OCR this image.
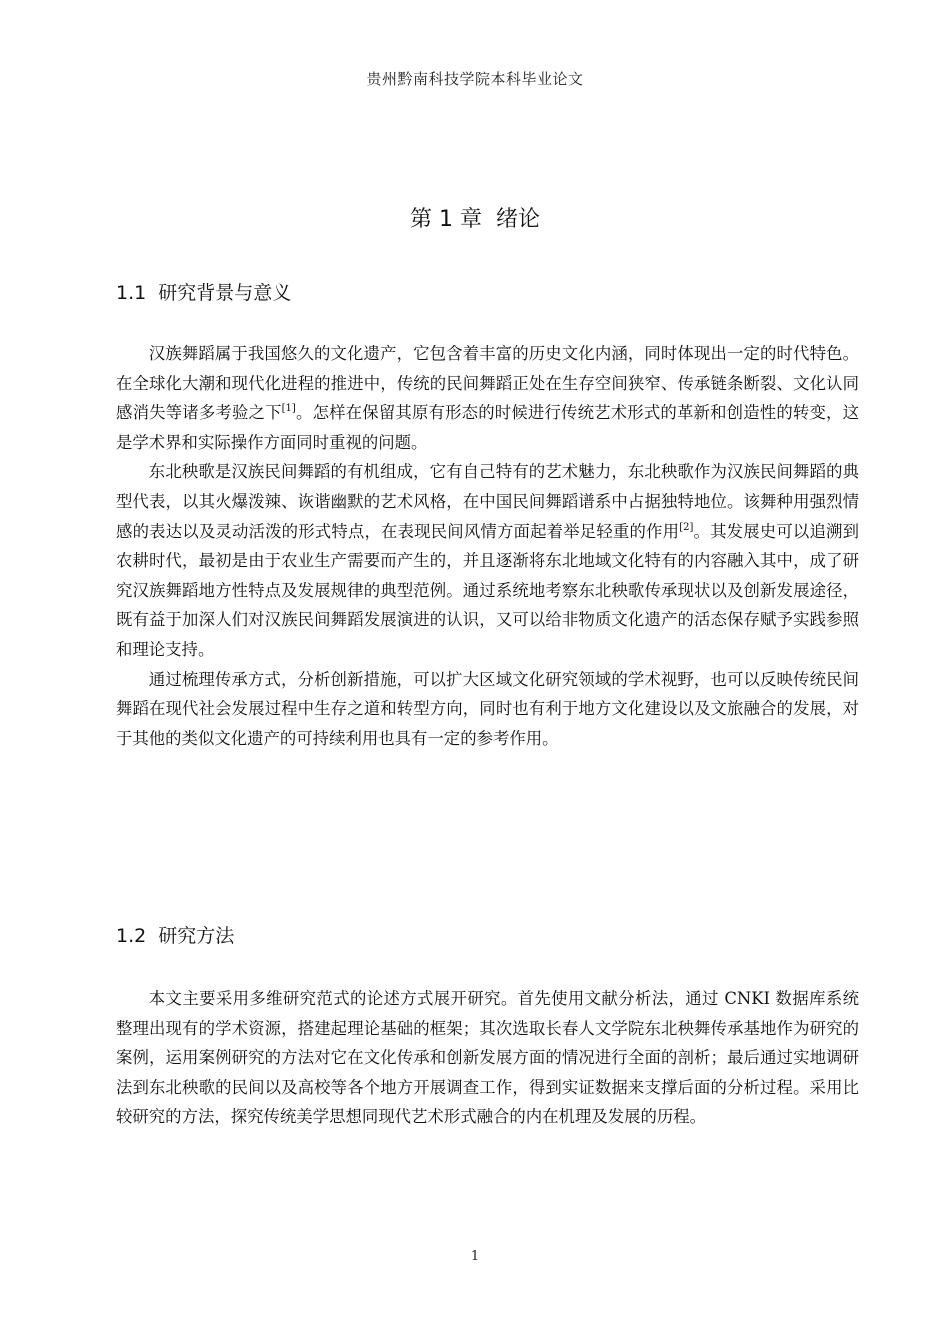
贵州黔南科技学院本科毕业论文
第 1 章  绪论
1.1  研究背景与意义

汉族舞蹈属于我国悠久的文化遗产，它包含着丰富的历史文化内涵，同时体现出一定的时代特色。在全球化大潮和现代化进程的推进中，传统的民间舞蹈正处在生存空间狭窄、传承链条断裂、文化认同感消失等诸多考验之下[1]。怎样在保留其原有形态的时候进行传统艺术形式的革新和创造性的转变，这是学术界和实际操作方面同时重视的问题。

东北秧歌是汉族民间舞蹈的有机组成，它有自己特有的艺术魅力，东北秧歌作为汉族民间舞蹈的典型代表，以其火爆泼辣、诙谐幽默的艺术风格，在中国民间舞蹈谱系中占据独特地位。该舞种用强烈情感的表达以及灵动活泼的形式特点，在表现民间风情方面起着举足轻重的作用[2]。其发展史可以追溯到农耕时代，最初是由于农业生产需要而产生的，并且逐渐将东北地域文化特有的内容融入其中，成了研究汉族舞蹈地方性特点及发展规律的典型范例。通过系统地考察东北秧歌传承现状以及创新发展途径，既有益于加深人们对汉族民间舞蹈发展演进的认识，又可以给非物质文化遗产的活态保存赋予实践参照和理论支持。

通过梳理传承方式，分析创新措施，可以扩大区域文化研究领域的学术视野，也可以反映传统民间舞蹈在现代社会发展过程中生存之道和转型方向，同时也有利于地方文化建设以及文旅融合的发展，对于其他的类似文化遗产的可持续利用也具有一定的参考作用。

1.2  研究方法

本文主要采用多维研究范式的论述方式展开研究。首先使用文献分析法，通过 CNKI 数据库系统整理出现有的学术资源，搭建起理论基础的框架；其次选取长春人文学院东北秧舞传承基地作为研究的案例，运用案例研究的方法对它在文化传承和创新发展方面的情况进行全面的剖析；最后通过实地调研法到东北秧歌的民间以及高校等各个地方开展调查工作，得到实证数据来支撑后面的分析过程。采用比较研究的方法，探究传统美学思想同现代艺术形式融合的内在机理及发展的历程。

1
